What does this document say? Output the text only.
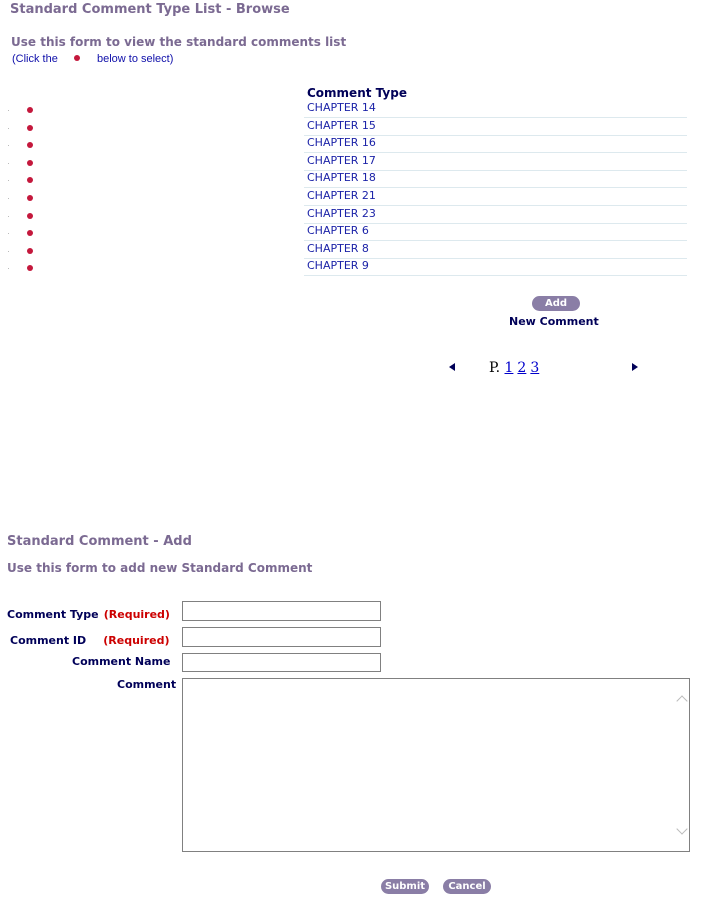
Standard Comment Type List - Browse
Use this form to view the standard comments list
(Click the	below to select)
Comment Type
CHAPTER 14
CHAPTER 15
CHAPTER 16
CHAPTER 17
CHAPTER 18
CHAPTER 21
CHAPTER 23
CHAPTER 6
CHAPTER 8
CHAPTER 9
Add
New Comment
P. 1 2 3
Standard Comment - Add
Use this form to add new Standard Comment
Comment Type (Required)
Comment ID (Required)
Comment Name
Comment
Submit	Cancel
